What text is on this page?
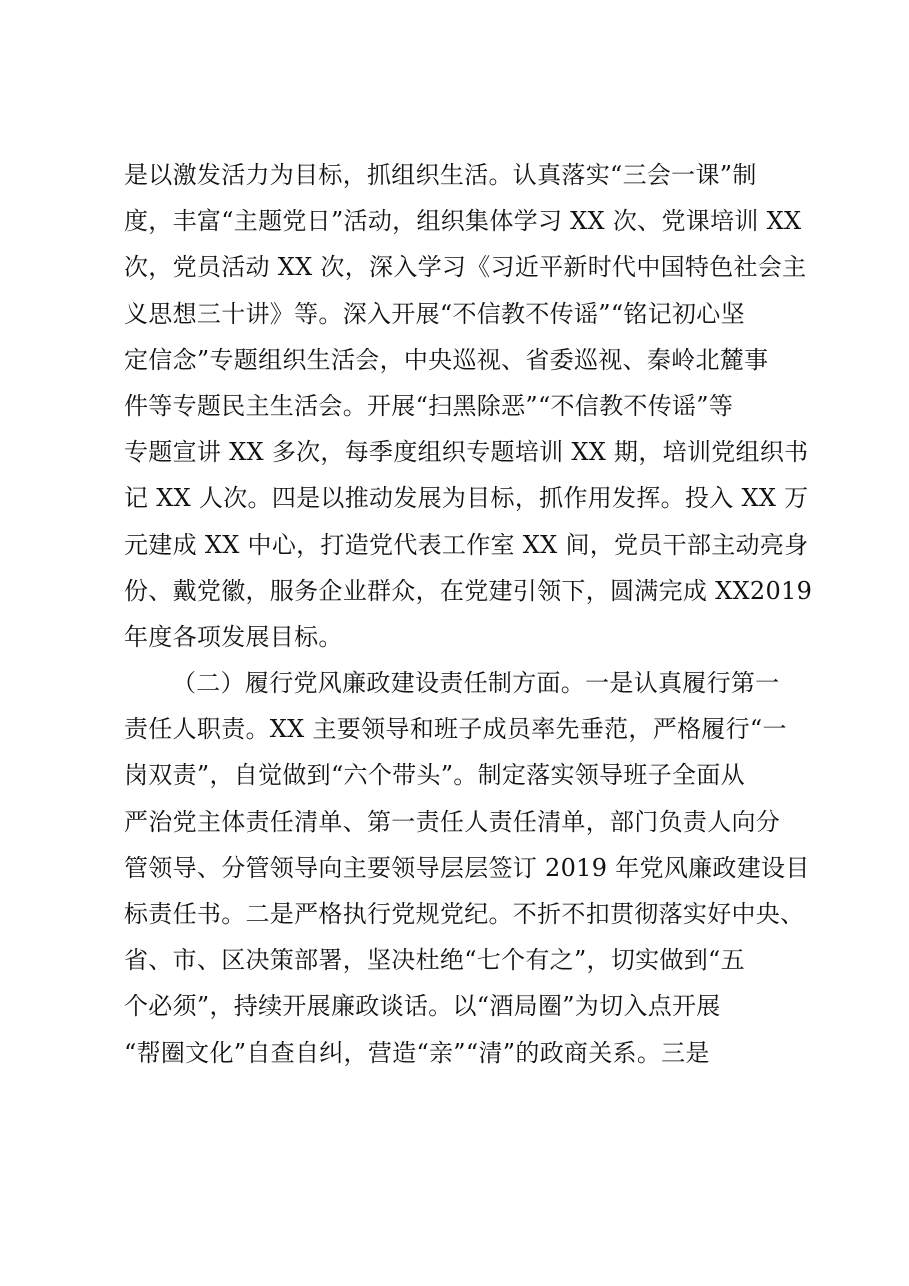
是以激发活力为目标，抓组织生活。认真落实“三会一课”制
度，丰富“主题党日”活动，组织集体学习 XX 次、党课培训 XX
次，党员活动 XX 次，深入学习《习近平新时代中国特色社会主
义思想三十讲》等。深入开展“不信教不传谣”“铭记初心坚
定信念”专题组织生活会，中央巡视、省委巡视、秦岭北麓事
件等专题民主生活会。开展“扫黑除恶”“不信教不传谣”等
专题宣讲 XX 多次，每季度组织专题培训 XX 期，培训党组织书
记 XX 人次。四是以推动发展为目标，抓作用发挥。投入 XX 万
元建成 XX 中心，打造党代表工作室 XX 间，党员干部主动亮身
份、戴党徽，服务企业群众，在党建引领下，圆满完成 XX2019
年度各项发展目标。
（二）履行党风廉政建设责任制方面。一是认真履行第一
责任人职责。XX 主要领导和班子成员率先垂范，严格履行“一
岗双责”，自觉做到“六个带头”。制定落实领导班子全面从
严治党主体责任清单、第一责任人责任清单，部门负责人向分
管领导、分管领导向主要领导层层签订 2019 年党风廉政建设目
标责任书。二是严格执行党规党纪。不折不扣贯彻落实好中央、
省、市、区决策部署，坚决杜绝“七个有之”，切实做到“五
个必须”，持续开展廉政谈话。以“酒局圈”为切入点开展
“帮圈文化”自查自纠，营造“亲”“清”的政商关系。三是
